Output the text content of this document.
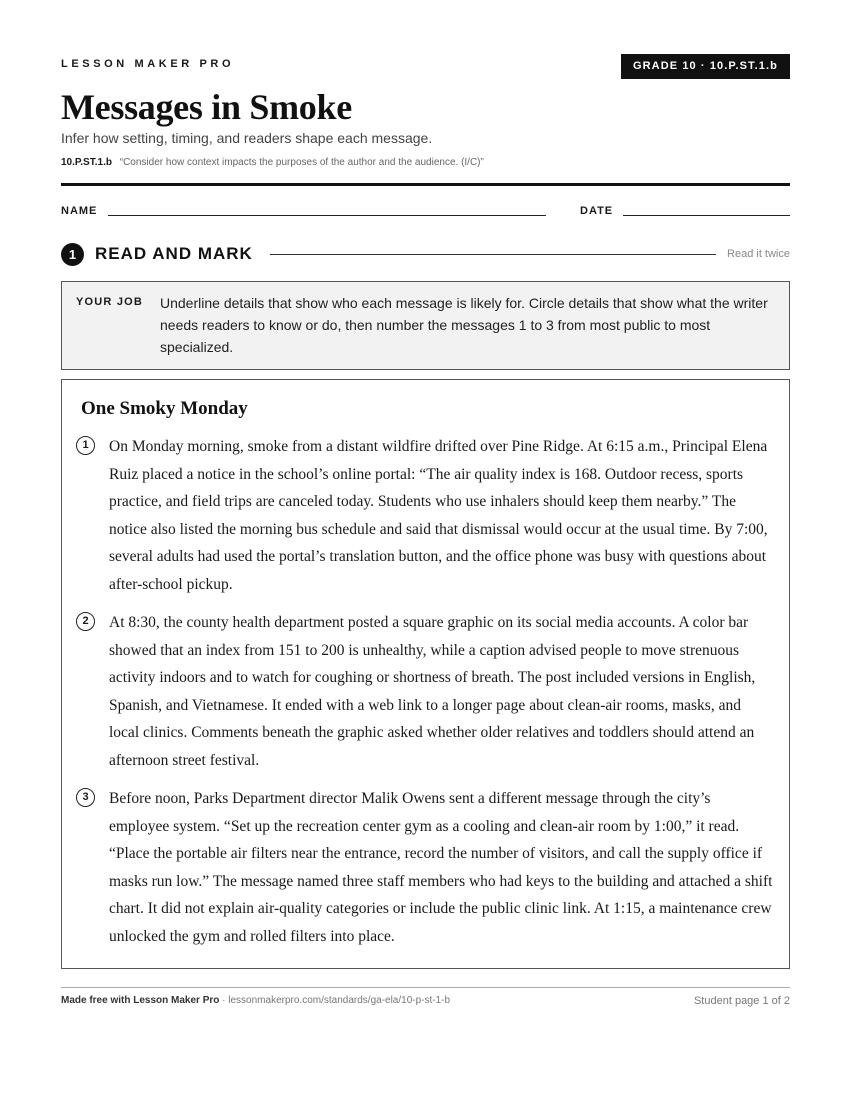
LESSON MAKER PRO	GRADE 10 · 10.P.ST.1.b
Messages in Smoke
Infer how setting, timing, and readers shape each message.
10.P.ST.1.b “Consider how context impacts the purposes of the author and the audience. (I/C)”
NAME	DATE
1	READ AND MARK	Read it twice
YOUR JOB Underline details that show who each message is likely for. Circle details that show what the writer needs readers to know or do, then number the messages 1 to 3 from most public to most specialized.
One Smoky Monday
1	On Monday morning, smoke from a distant wildfire drifted over Pine Ridge. At 6:15 a.m., Principal Elena Ruiz placed a notice in the school’s online portal: “The air quality index is 168. Outdoor recess, sports practice, and field trips are canceled today. Students who use inhalers should keep them nearby.” The notice also listed the morning bus schedule and said that dismissal would occur at the usual time. By 7:00, several adults had used the portal’s translation button, and the office phone was busy with questions about after-school pickup.
2	At 8:30, the county health department posted a square graphic on its social media accounts. A color bar showed that an index from 151 to 200 is unhealthy, while a caption advised people to move strenuous activity indoors and to watch for coughing or shortness of breath. The post included versions in English, Spanish, and Vietnamese. It ended with a web link to a longer page about clean-air rooms, masks, and local clinics. Comments beneath the graphic asked whether older relatives and toddlers should attend an afternoon street festival.
3	Before noon, Parks Department director Malik Owens sent a different message through the city’s employee system. “Set up the recreation center gym as a cooling and clean-air room by 1:00,” it read. “Place the portable air filters near the entrance, record the number of visitors, and call the supply office if masks run low.” The message named three staff members who had keys to the building and attached a shift chart. It did not explain air-quality categories or include the public clinic link. At 1:15, a maintenance crew unlocked the gym and rolled filters into place.
Made free with Lesson Maker Pro · lessonmakerpro.com/standards/ga-ela/10-p-st-1-b	Student page 1 of 2
